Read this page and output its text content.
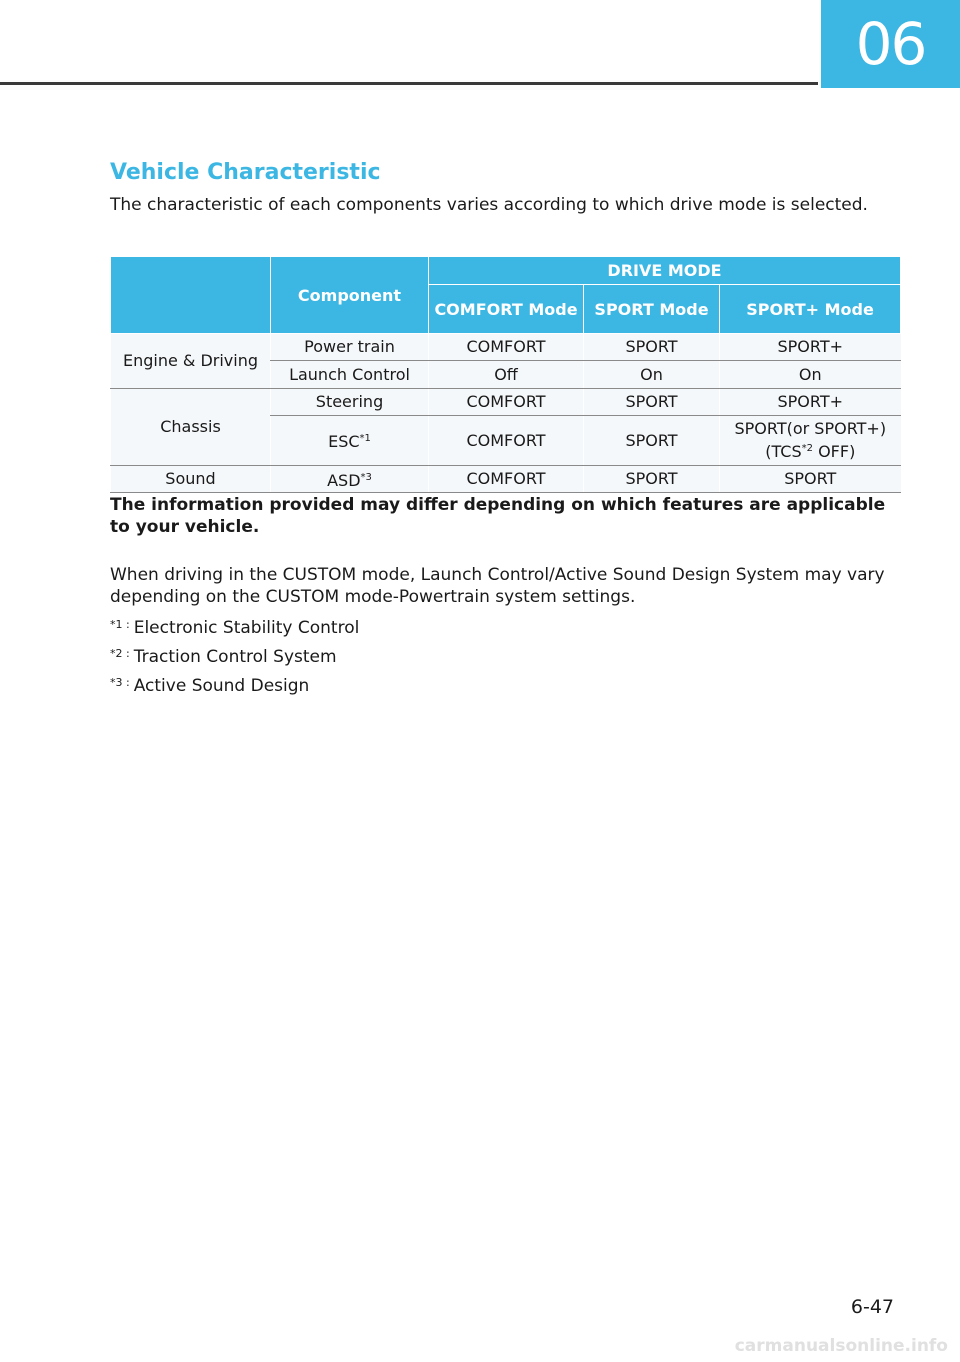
06
Vehicle Characteristic
The characteristic of each components varies according to which drive mode is selected.
	Component	DRIVE MODE		
		COMFORT Mode	SPORT Mode	SPORT+ Mode
Engine & Driving	Power train	COMFORT	SPORT	SPORT+
	Launch Control	Off	On	On
Chassis	Steering	COMFORT	SPORT	SPORT+
	ESC$^{*1}$	COMFORT	SPORT	SPORT(or SPORT+) (TCS$^{*2}$ OFF)
Sound	ASD$^{*3}$	COMFORT	SPORT	SPORT
The information provided may differ depending on which features are applicable to your vehicle.
When driving in the CUSTOM mode, Launch Control/Active Sound Design System may vary depending on the CUSTOM mode-Powertrain system settings.
$^{*1 :}$ Electronic Stability Control
$^{*2 :}$ Traction Control System
$^{*3 :}$ Active Sound Design
6-47
carmanualsonline.info
